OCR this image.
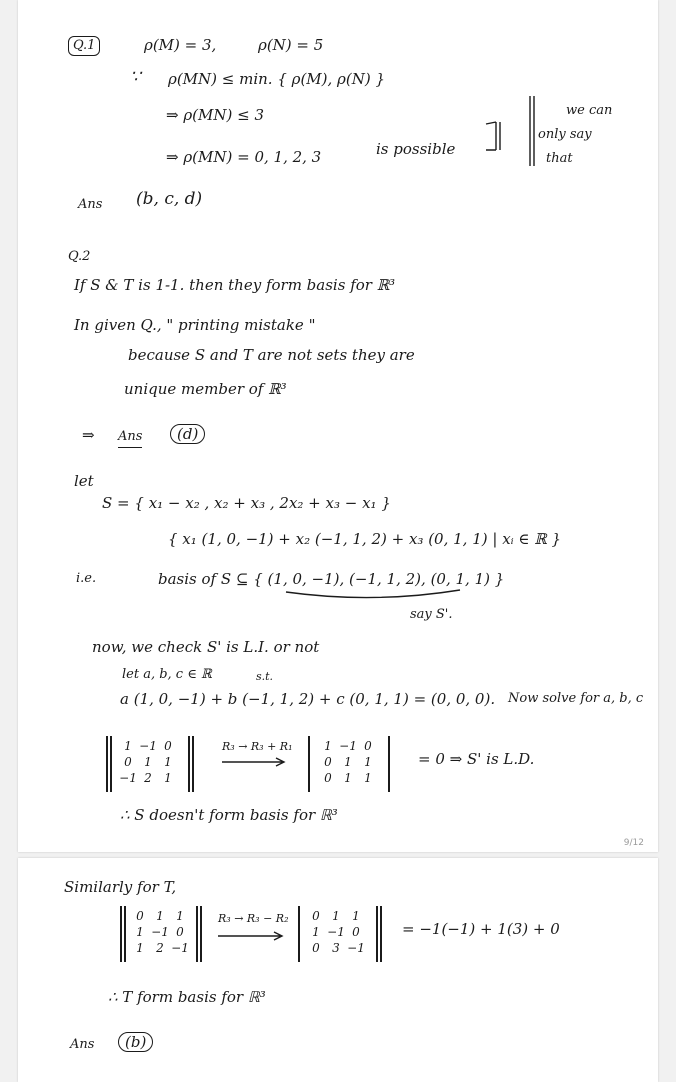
Q.1	ρ(M) = 3,	ρ(N) = 5
∵ ρ(MN) ≤ min. { ρ(M), ρ(N) }
⇒ ρ(MN) ≤ 3
⇒ ρ(MN) = 0, 1, 2, 3	is possible
we can
only say
that
Ans (b, c, d)
Q.2
If S & T is 1-1. then they form basis for ℝ³
In given Q., " printing mistake "
because S and T are not sets they are
unique member of ℝ³
⇒ Ans	(d)
let
S = { x₁ − x₂ , x₂ + x₃ , 2x₂ + x₃ − x₁ }
{ x₁ (1, 0, −1) + x₂ (−1, 1, 2) + x₃ (0, 1, 1) | xᵢ ∈ ℝ }
i.e.	basis of S ⊆ { (1, 0, −1), (−1, 1, 2), (0, 1, 1) }
say S'.
now, we check S' is L.I. or not
let a, b, c ∈ ℝ	s.t.
a (1, 0, −1) + b (−1, 1, 2) + c (0, 1, 1) = (0, 0, 0). Now solve for a, b, c
1	−1	0
0	1	1
−1	2	1
R₃ → R₃ + R₁	1	−1	0
0	1	1
0	1	1
= 0 ⇒ S' is L.D.
∴ S doesn't form basis for ℝ³
9/12
Similarly for T,
0	1	1
1	−1	0
1	2	−1
R₃ → R₃ − R₂ 0	1	1
1	−1	0
0	3	−1
= −1(−1) + 1(3) + 0
∴ T form basis for ℝ³
Ans	(b)
